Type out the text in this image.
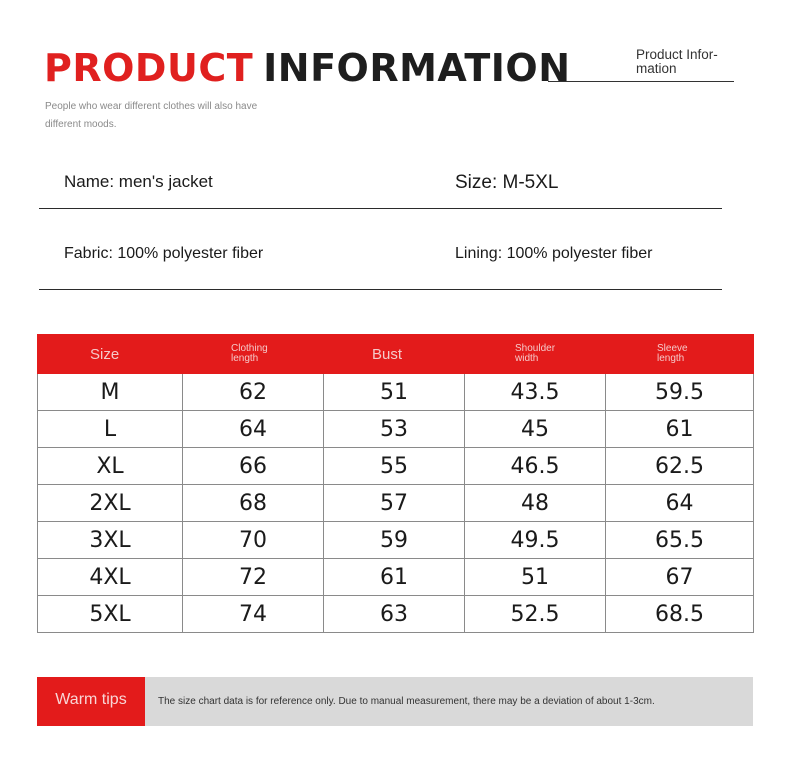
PRODUCT INFORMATION
People who wear different clothes will also have different moods.
Product Infor-mation
Name: men's jacket	Size: M-5XL
Fabric: 100% polyester fiber	Lining: 100% polyester fiber
Size	Clothing length	Bust	Shoulder width	Sleeve length
M	62	51	43.5	59.5
L	64	53	45	61
XL	66	55	46.5	62.5
2XL	68	57	48	64
3XL	70	59	49.5	65.5
4XL	72	61	51	67
5XL	74	63	52.5	68.5
Warm tips	The size chart data is for reference only. Due to manual measurement, there may be a deviation of about 1-3cm.
